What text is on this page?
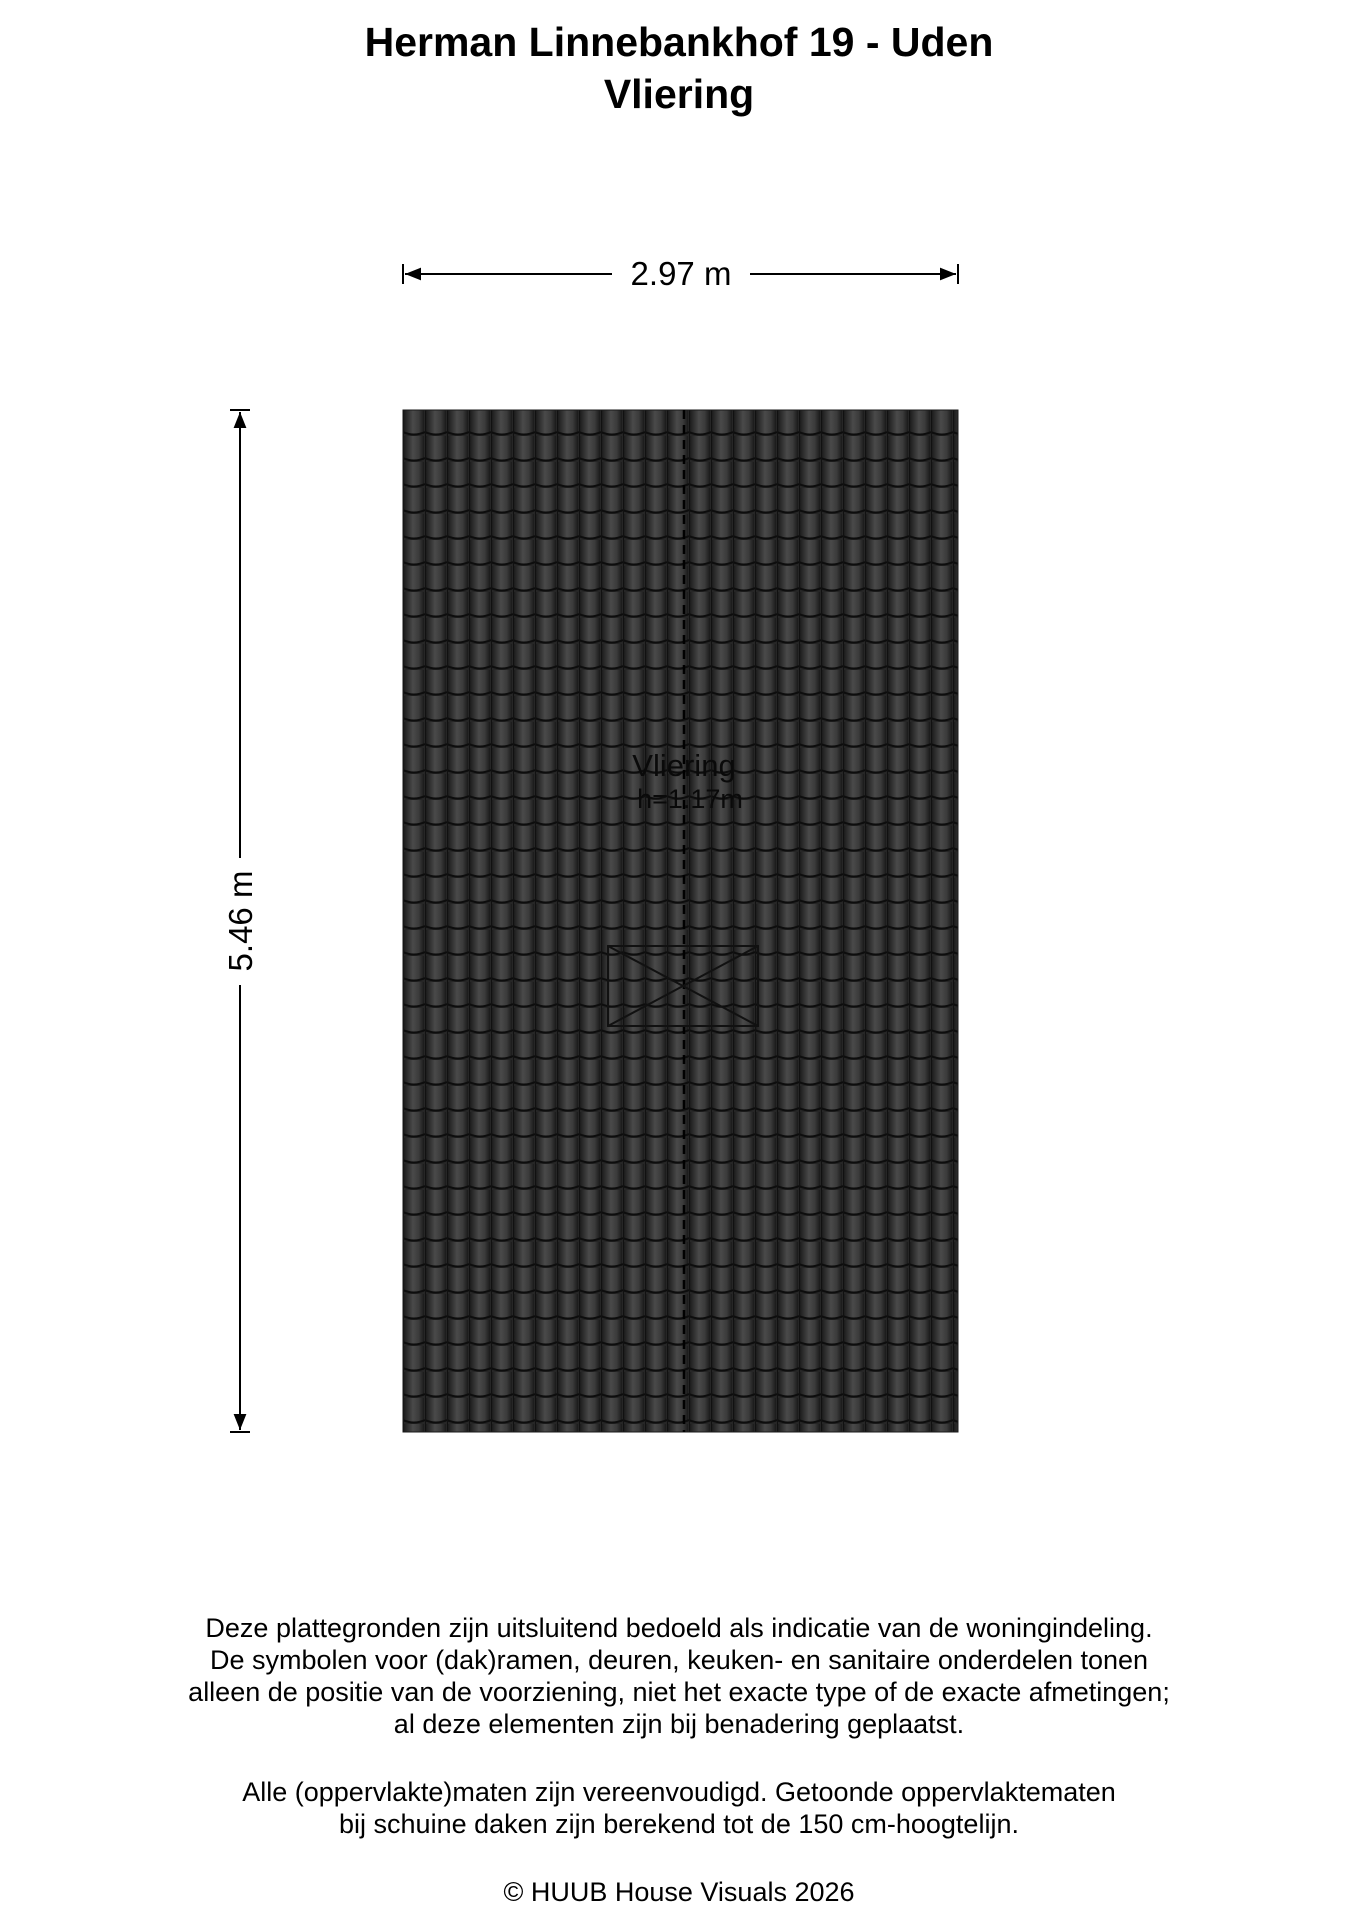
Herman Linnebankhof 19 - Uden
Vliering
2.97 m
5.46 m
Vliering
h=1.17m
Deze plattegronden zijn uitsluitend bedoeld als indicatie van de woningindeling.
De symbolen voor (dak)ramen, deuren, keuken- en sanitaire onderdelen tonen
alleen de positie van de voorziening, niet het exacte type of de exacte afmetingen;
al deze elementen zijn bij benadering geplaatst.
Alle (oppervlakte)maten zijn vereenvoudigd. Getoonde oppervlaktematen
bij schuine daken zijn berekend tot de 150 cm-hoogtelijn.
© HUUB House Visuals 2026
